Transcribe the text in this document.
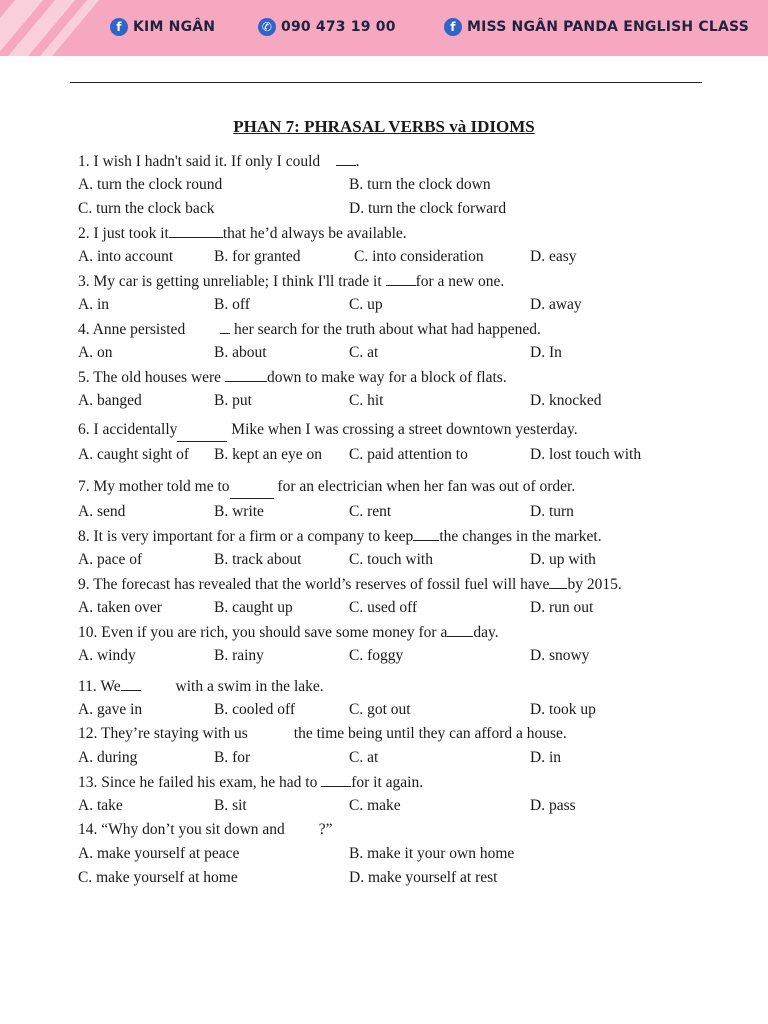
f KIM NGÂN	✆ 090 473 19 00	f MISS NGÂN PANDA ENGLISH CLASS
PHAN 7: PHRASAL VERBS và IDIOMS
1. I wish I hadn't said it. If only I could .
A. turn the clock round	B. turn the clock down
C. turn the clock back	D. turn the clock forward
2. I just took it	that he’d always be available.
A. into account	B. for granted	C. into consideration	D. easy
3. My car is getting unreliable; I think I'll trade it for a new one.
A. in	B. off	C. up	D. away
4. Anne persisted	her search for the truth about what had happened.
A. on	B. about	C. at	D. In
5. The old houses were	down to make way for a block of flats.
A. banged	B. put	C. hit	D. knocked
6. I accidentally	Mike when I was crossing a street downtown yesterday.
A. caught sight of B. kept an eye on C. paid attention to	D. lost touch with
7. My mother told me to	for an electrician when her fan was out of order.
A. send	B. write	C. rent	D. turn
8. It is very important for a firm or a company to keep the changes in the market.
A. pace of	B. track about	C. touch with	D. up with
9. The forecast has revealed that the world’s reserves of fossil fuel will have by 2015.
A. taken over	B. caught up	C. used off	D. run out
10. Even if you are rich, you should save some money for a day.
A. windy	B. rainy	C. foggy	D. snowy
11. We	with a swim in the lake.
A. gave in	B. cooled off	C. got out	D. took up
12. They’re staying with us	the time being until they can afford a house.
A. during	B. for	C. at	D. in
13. Since he failed his exam, he had to for it again.
A. take	B. sit	C. make	D. pass
14. “Why don’t you sit down and ?”
A. make yourself at peace	B. make it your own home
C. make yourself at home	D. make yourself at rest
